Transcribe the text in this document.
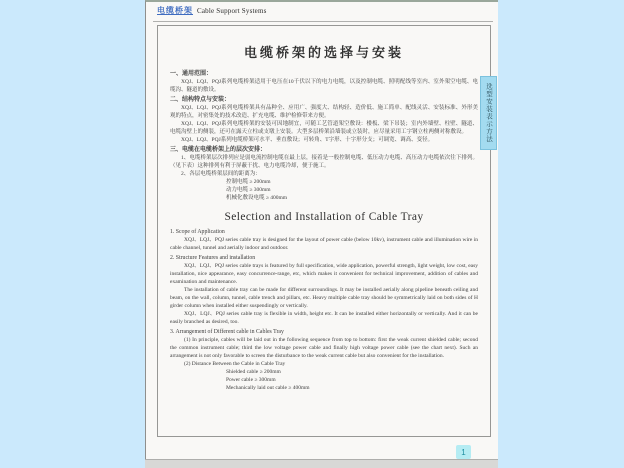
电缆桥架 Cable Support Systems
电缆桥架的选择与安装
一、通用范围：
XQJ、LQJ、PQJ系列电缆桥架适用于电压在10千伏以下的电力电缆，以及控制电缆、照明配线等室内、室外架空电缆、电缆沟、隧道的敷设。
二、结构特点与安装：
XQJ、LQJ、PQJ系列电缆桥架具有品种全、应用广、强度大、结构轻、造价低、施工简单、配线灵活、安装标准、外形美观的特点，对密集处的技术改造、扩充电缆、维护检修带来方便。
XQJ、LQJ、PQJ系列电缆桥架的安装可因地制宜，可随工艺管道架空敷设：楼板、梁下吊装；室内外墙壁、柱壁、隧道、电缆沟壁上的侧装，还可在露天立柱或支墩上安装。大型多层桥架沿墙装或立装时，应尽量采用工字钢立柱两侧对称敷设。
XQJ、LQJ、PQJ系列电缆桥架可水平、垂直敷设；可转角、T字形、十字形分支；可调宽、调高、变径。
三、电缆在电缆桥架上的层次安排：
1、电缆桥架层次排列应是弱电流控制电缆在最上层，接着是一般控制电缆、低压动力电缆、高压动力电缆依次往下排列。（见下表）这种排列有利于屏蔽干扰、电力电缆冷却，便于施工。
2、各层电缆桥架层间的距离为：
控制电缆 ≥ 200mm
动力电缆 ≥ 300mm
机械化敷设电缆 ≥ 400mm
Selection and Installation of Cable Tray
1. Scope of Application
XQJ、LQJ、PQJ series cable tray is designed for the layout of power cable (below 10kv), instrument cable and illumination wire in cable channel, tunnel and aerially indoor and outdoor.
2. Structure Features and installation
XQJ、LQJ、PQJ series cable trays is featured by full specification, wide application, powerful strength, light weight, low cost, easy installation, nice appearance, easy concurrence-range, etc, which makes it convenient for technical improvement, addition of cables and examination and maintenance.
The installation of cable tray can be made for different surroundings. It may be installed aerially along pipeline beneath ceiling and beam, on the wall, column, tunnel, cable trench and pillars, etc. Heavy multiple cable tray should be symmetrically laid on both sides of H girder column when installed either suspendingly or vertically.
XQJ、LQJ、PQJ series cable tray is flexible in width, height etc. It can be installed either horizontally or vertically. And it can be easily branched as desired, too.
3. Arrangement of Different cable in Cables Tray
(1) In principle, cables will be laid out in the following sequence from top to bottom: first the weak current shielded cable; second the common instrument cable; third the low voltage power cable and finally high voltage power cable (see the chart next). Such an arrangement is not only favorable to screen the disturbance to the weak current cable but also convenient for the installation.
(2) Distance Between the Cable in Cable Tray
Shielded cable ≥ 200mm
Power cable ≥ 300mm
Mechanically laid out cable ≥ 400mm
1
选型安装表示方法
